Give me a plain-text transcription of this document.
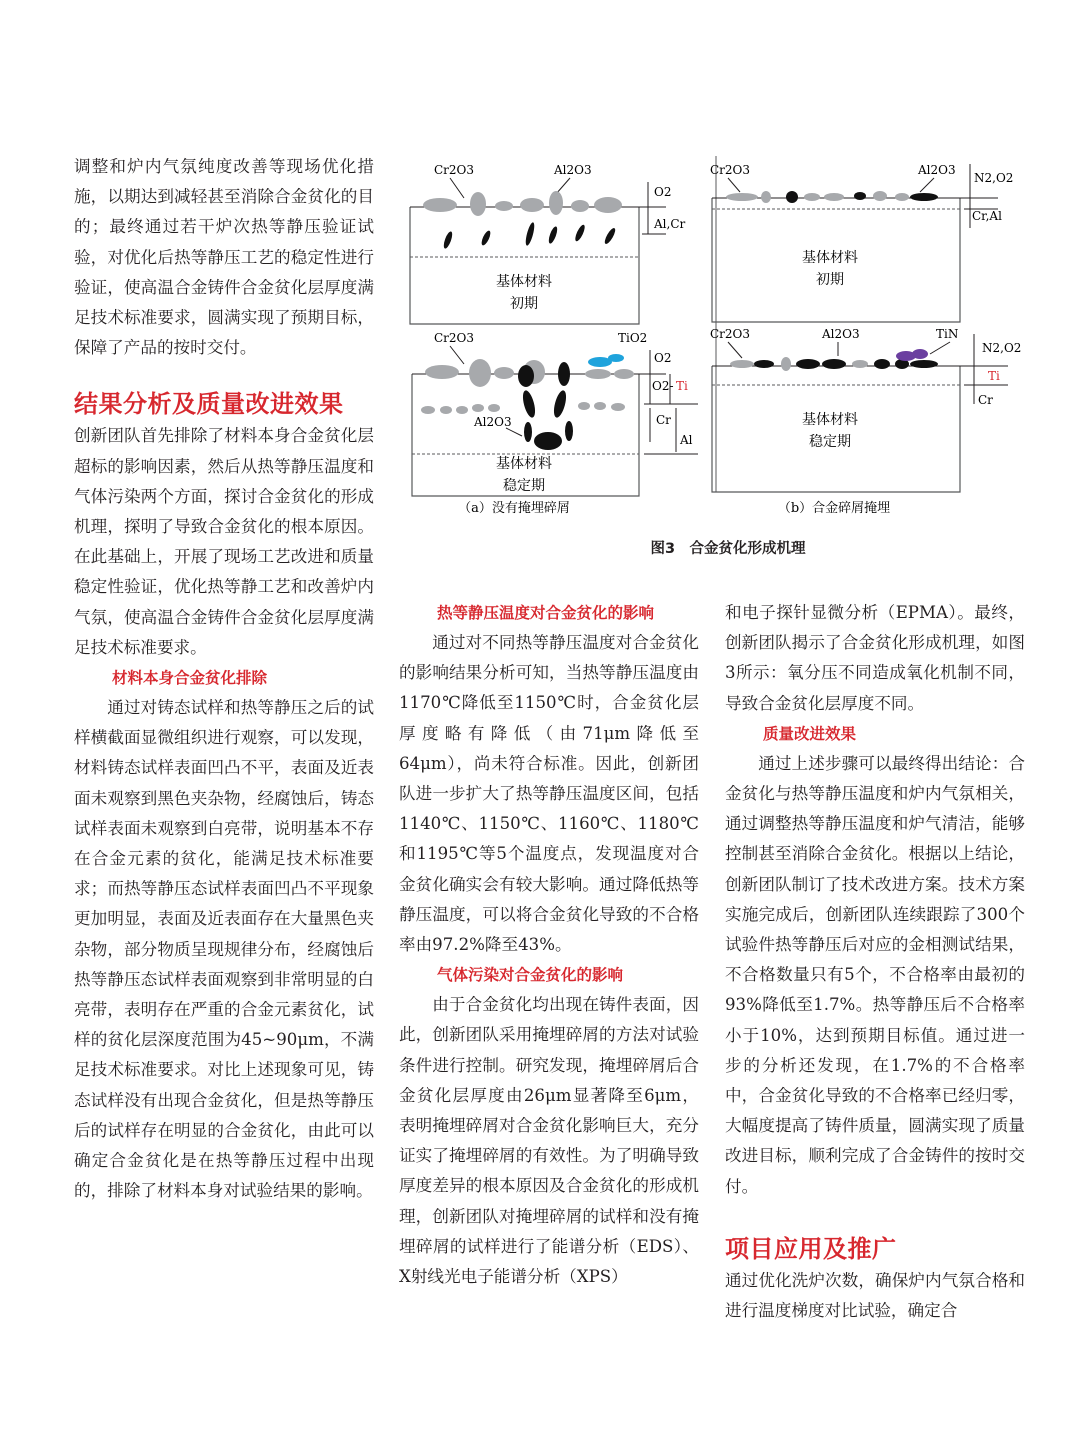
调整和炉内气氛纯度改善等现场优化措施，以期达到减轻甚至消除合金贫化的目的；最终通过若干炉次热等静压验证试验，对优化后热等静压工艺的稳定性进行验证，使高温合金铸件合金贫化层厚度满足技术标准要求，圆满实现了预期目标，保障了产品的按时交付。

结果分析及质量改进效果

创新团队首先排除了材料本身合金贫化层超标的影响因素，然后从热等静压温度和气体污染两个方面，探讨合金贫化的形成机理，探明了导致合金贫化的根本原因。在此基础上，开展了现场工艺改进和质量稳定性验证，优化热等静工艺和改善炉内气氛，使高温合金铸件合金贫化层厚度满足技术标准要求。

材料本身合金贫化排除

通过对铸态试样和热等静压之后的试样横截面显微组织进行观察，可以发现，材料铸态试样表面凹凸不平，表面及近表面未观察到黑色夹杂物，经腐蚀后，铸态试样表面未观察到白亮带，说明基本不存在合金元素的贫化，能满足技术标准要求；而热等静压态试样表面凹凸不平现象更加明显，表面及近表面存在大量黑色夹杂物，部分物质呈现规律分布，经腐蚀后热等静压态试样表面观察到非常明显的白亮带，表明存在严重的合金元素贫化，试样的贫化层深度范围为45~90μm，不满足技术标准要求。对比上述现象可见，铸态试样没有出现合金贫化，但是热等静压后的试样存在明显的合金贫化，由此可以确定合金贫化是在热等静压过程中出现的，排除了材料本身对试验结果的影响。

Cr2O3	Al2O3
基体材料
初期
O2
Al,Cr
Cr2O3	TiO2
Al2O3
基体材料
稳定期
O2
O2- Ti
Cr
Al
（a）没有掩埋碎屑
Cr2O3	Al2O3
基体材料
初期
N2,O2
Cr,Al
Cr2O3	Al2O3	TiN
基体材料
稳定期
N2,O2
Ti
Cr
（b）合金碎屑掩埋
图3　合金贫化形成机理

热等静压温度对合金贫化的影响

通过对不同热等静压温度对合金贫化的影响结果分析可知，当热等静压温度由1170℃降低至1150℃时，合金贫化层厚度略有降低（由71μm降低至64μm），尚未符合标准。因此，创新团队进一步扩大了热等静压温度区间，包括1140℃、1150℃、1160℃、1180℃和1195℃等5个温度点，发现温度对合金贫化确实会有较大影响。通过降低热等静压温度，可以将合金贫化导致的不合格率由97.2%降至43%。

气体污染对合金贫化的影响

由于合金贫化均出现在铸件表面，因此，创新团队采用掩埋碎屑的方法对试验条件进行控制。研究发现，掩埋碎屑后合金贫化层厚度由26μm显著降至6μm，表明掩埋碎屑对合金贫化影响巨大，充分证实了掩埋碎屑的有效性。为了明确导致厚度差异的根本原因及合金贫化的形成机理，创新团队对掩埋碎屑的试样和没有掩埋碎屑的试样进行了能谱分析（EDS）、X射线光电子能谱分析（XPS）

和电子探针显微分析（EPMA）。最终，创新团队揭示了合金贫化形成机理，如图3所示：氧分压不同造成氧化机制不同，导致合金贫化层厚度不同。

质量改进效果

通过上述步骤可以最终得出结论：合金贫化与热等静压温度和炉内气氛相关，通过调整热等静压温度和炉气清洁，能够控制甚至消除合金贫化。根据以上结论，创新团队制订了技术改进方案。技术方案实施完成后，创新团队连续跟踪了300个试验件热等静压后对应的金相测试结果，不合格数量只有5个，不合格率由最初的93%降低至1.7%。热等静压后不合格率小于10%，达到预期目标值。通过进一步的分析还发现，在1.7%的不合格率中，合金贫化导致的不合格率已经归零，大幅度提高了铸件质量，圆满实现了质量改进目标，顺利完成了合金铸件的按时交付。

项目应用及推广

通过优化洗炉次数，确保炉内气氛合格和进行温度梯度对比试验，确定合
